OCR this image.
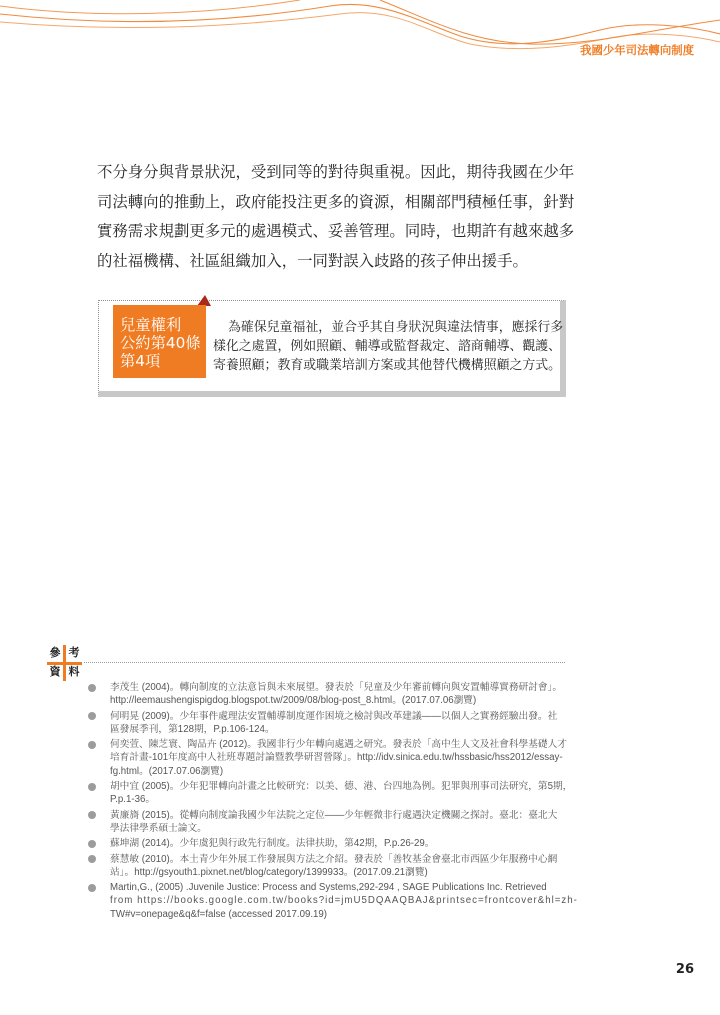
我國少年司法轉向制度
不分身分與背景狀況，受到同等的對待與重視。因此，期待我國在少年
司法轉向的推動上，政府能投注更多的資源，相關部門積極任事，針對
實務需求規劃更多元的處遇模式、妥善管理。同時，也期許有越來越多
的社福機構、社區組織加入，一同對誤入歧路的孩子伸出援手。
兒童權利
公約第40條
第4項
為確保兒童福祉，並合乎其自身狀況與違法情事，應採行多
樣化之處置，例如照顧、輔導或監督裁定、諮商輔導、觀護、
寄養照顧；教育或職業培訓方案或其他替代機構照顧之方式。
參 考
資 料
李茂生 (2004)。轉向制度的立法意旨與未來展望。發表於「兒童及少年審前轉向與安置輔導實務研討會」。
http://leemaushengispigdog.blogspot.tw/2009/08/blog-post_8.html。(2017.07.06瀏覽)
何明晃 (2009)。少年事件處理法安置輔導制度運作困境之檢討與改革建議——以個人之實務經驗出發。社
區發展季刊，第128期，P.p.106-124。
何奕萱、陳芝寰、陶品卉 (2012)。我國非行少年轉向處遇之研究。發表於「高中生人文及社會科學基礎人才
培育計畫-101年度高中人社班專題討論暨教學研習營隊」。http://idv.sinica.edu.tw/hssbasic/hss2012/essay-
fg.html。(2017.07.06瀏覽)
胡中宜 (2005)。少年犯罪轉向計畫之比較研究：以美、德、港、台四地為例。犯罪與刑事司法研究，第5期，
P.p.1-36。
黃廉旖 (2015)。從轉向制度論我國少年法院之定位——少年輕微非行處遇決定機關之探討。臺北：臺北大
學法律學系碩士論文。
蘇坤湖 (2014)。少年虞犯與行政先行制度。法律扶助，第42期，P.p.26-29。
蔡慧敏 (2010)。本土青少年外展工作發展與方法之介紹。發表於「善牧基金會臺北市西區少年服務中心網
站」。http://gsyouth1.pixnet.net/blog/category/1399933。(2017.09.21瀏覽)
Martin,G., (2005) .Juvenile Justice: Process and Systems,292-294 , SAGE Publications Inc. Retrieved
from https://books.google.com.tw/books?id=jmU5DQAAQBAJ&printsec=frontcover&hl=zh-
TW#v=onepage&q&f=false (accessed 2017.09.19)
26
